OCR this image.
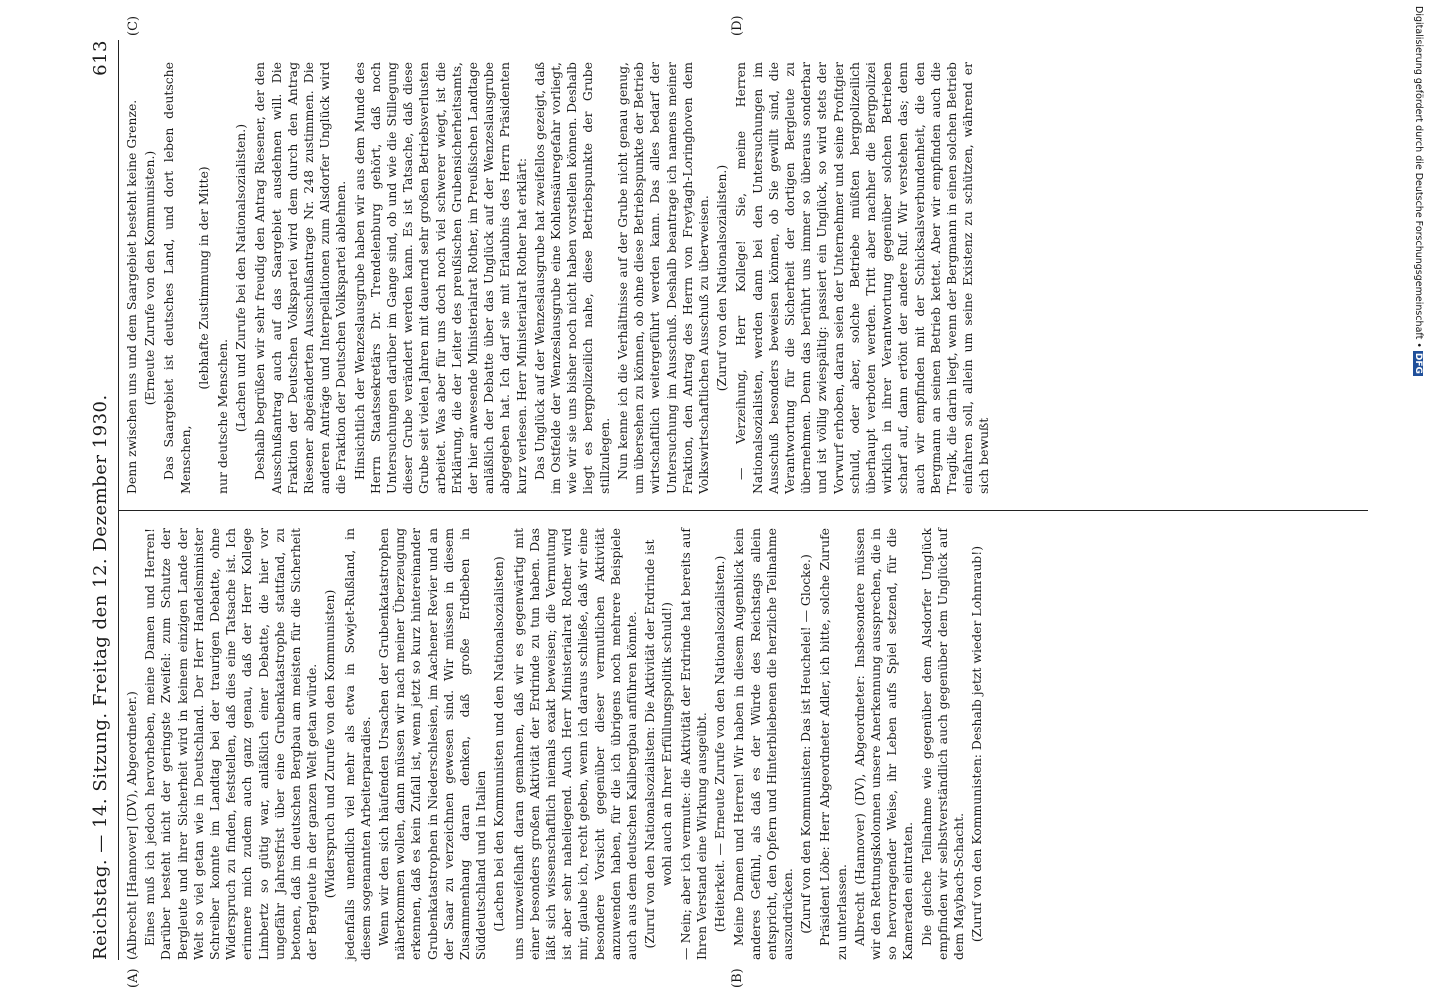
Reichstag. — 14. Sitzung. Freitag den 12. Dezember 1930.
613

(Albrecht [Hannover] (DV), Abgeordneter.) Eines muß ich jedoch hervorheben, meine Damen und Herren! Darüber besteht nicht der geringste Zweifel: zum Schutze der Bergleute und ihrer Sicherheit wird in keinem einzigen Lande der Welt so viel getan wie in Deutschland. Der Herr Handelsminister Schreiber konnte im Landtag bei der traurigen Debatte, ohne Widerspruch zu finden, feststellen, daß dies eine Tatsache ist. Ich erinnere mich zudem auch ganz genau, daß der Herr Kollege Limbertz so gütig war, anläßlich einer Debatte, die hier vor ungefähr Jahresfrist über eine Grubenkatastrophe stattfand, zu betonen, daß im deutschen Bergbau am meisten für die Sicherheit der Bergleute in der ganzen Welt getan würde. (Widerspruch und Zurufe von den Kommunisten) jedenfalls unendlich viel mehr als etwa in Sowjet-Rußland, in diesem sogenannten Arbeiterparadies. Wenn wir den sich häufenden Ursachen der Grubenkatastrophen näherkommen wollen, dann müssen wir nach meiner Überzeugung erkennen, daß es kein Zufall ist, wenn jetzt so kurz hintereinander Grubenkatastrophen in Niederschlesien, im Aachener Revier und an der Saar zu verzeichnen gewesen sind. Wir müssen in diesem Zusammenhang daran denken, daß große Erdbeben in Süddeutschland und in Italien (Lachen bei den Kommunisten und den Nationalsozialisten) uns unzweifelhaft daran gemahnen, daß wir es gegenwärtig mit einer besonders großen Aktivität der Erdrinde zu tun haben. Das läßt sich wissenschaftlich niemals exakt beweisen; die Vermutung ist aber sehr naheliegend. Auch Herr Ministerialrat Rother wird mir, glaube ich, recht geben, wenn ich daraus schließe, daß wir eine besondere Vorsicht gegenüber dieser vermutlichen Aktivität anzuwenden haben, für die ich übrigens noch mehrere Beispiele auch aus dem deutschen Kalibergbau anführen könnte. (Zuruf von den Nationalsozialisten: Die Aktivität der Erdrinde ist wohl auch an Ihrer Erfüllungspolitik schuld!) — Nein; aber ich vermute: die Aktivität der Erdrinde hat bereits auf Ihren Verstand eine Wirkung ausgeübt. (Heiterkeit. — Erneute Zurufe von den Nationalsozialisten.) Meine Damen und Herren! Wir haben in diesem Augenblick kein anderes Gefühl, als daß es der Würde des Reichstags allein entspricht, den Opfern und Hinterbliebenen die herzliche Teilnahme auszudrücken. (Zuruf von den Kommunisten: Das ist Heuchelei! — Glocke.) Präsident Löbe: Herr Abgeordneter Adler, ich bitte, solche Zurufe zu unterlassen. Albrecht (Hannover) (DV), Abgeordneter: Insbesondere müssen wir den Rettungskolonnen unsere Anerkennung aussprechen, die in so hervorragender Weise, ihr Leben aufs Spiel setzend, für die Kameraden eintraten. Die gleiche Teilnahme wie gegenüber dem Alsdorfer Unglück empfinden wir selbstverständlich auch gegenüber dem Unglück auf dem Maybach-Schacht. (Zuruf von den Kommunisten: Deshalb jetzt wieder Lohnraub!)

Denn zwischen uns und dem Saargebiet besteht keine Grenze. (Erneute Zurufe von den Kommunisten.) Das Saargebiet ist deutsches Land, und dort leben deutsche Menschen,

(lebhafte Zustimmung in der Mitte)

nur deutsche Menschen. (Lachen und Zurufe bei den Nationalsozialisten.) Deshalb begrüßen wir sehr freudig den Antrag Riesener, der den Ausschußantrag auch auf das Saargebiet ausdehnen will. Die Fraktion der Deutschen Volkspartei wird dem durch den Antrag Riesener abgeänderten Ausschußantrage Nr. 248 zustimmen. Die anderen Anträge und Interpellationen zum Alsdorfer Unglück wird die Fraktion der Deutschen Volkspartei ablehnen. Hinsichtlich der Wenzeslausgrube haben wir aus dem Munde des Herrn Staatssekretärs Dr. Trendelenburg gehört, daß noch Untersuchungen darüber im Gange sind, ob und wie die Stillegung dieser Grube verändert werden kann. Es ist Tatsache, daß diese Grube seit vielen Jahren mit dauernd sehr großen Betriebsverlusten arbeitet. Was aber für uns doch noch viel schwerer wiegt, ist die Erklärung, die der Leiter des preußischen Grubensicherheitsamts, der hier anwesende Ministerialrat Rother, im Preußischen Landtage anläßlich der Debatte über das Unglück auf der Wenzeslausgrube abgegeben hat. Ich darf sie mit Erlaubnis des Herrn Präsidenten kurz verlesen. Herr Ministerialrat Rother hat erklärt: Das Unglück auf der Wenzeslausgrube hat zweifellos gezeigt, daß im Ostfelde der Wenzeslausgrube eine Kohlensäuregefahr vorliegt, wie wir sie uns bisher noch nicht haben vorstellen können. Deshalb liegt es bergpolizeilich nahe, diese Betriebspunkte der Grube stillzulegen. Nun kenne ich die Verhältnisse auf der Grube nicht genau genug, um übersehen zu können, ob ohne diese Betriebspunkte der Betrieb wirtschaftlich weitergeführt werden kann. Das alles bedarf der Untersuchung im Ausschuß. Deshalb beantrage ich namens meiner Fraktion, den Antrag des Herrn von Freytagh-Loringhoven dem Volkswirtschaftlichen Ausschuß zu überweisen. (Zuruf von den Nationalsozialisten.) — Verzeihung, Herr Kollege! Sie, meine Herren Nationalsozialisten, werden dann bei den Untersuchungen im Ausschuß besonders beweisen können, ob Sie gewillt sind, die Verantwortung für die Sicherheit der dortigen Bergleute zu übernehmen. Denn das berührt uns immer so überaus sonderbar und ist völlig zwiespältig: passiert ein Unglück, so wird stets der Vorwurf erhoben, daran seien der Unternehmer und seine Profitgier schuld, oder aber, solche Betriebe müßten bergpolizeilich überhaupt verboten werden. Tritt aber nachher die Bergpolizei wirklich in ihrer Verantwortung gegenüber solchen Betrieben scharf auf, dann ertönt der andere Ruf. Wir verstehen das; denn auch wir empfinden mit der Schicksalsverbundenheit, die den Bergmann an seinen Betrieb kettet. Aber wir empfinden auch die Tragik, die darin liegt, wenn der Bergmann in einen solchen Betrieb einfahren soll, allein um seine Existenz zu schützen, während er sich bewußt

(A)	(B)
(C)	(D)	Digitalisierung gefördert durch die Deutsche Forschungsgemeinschaft •DFG
